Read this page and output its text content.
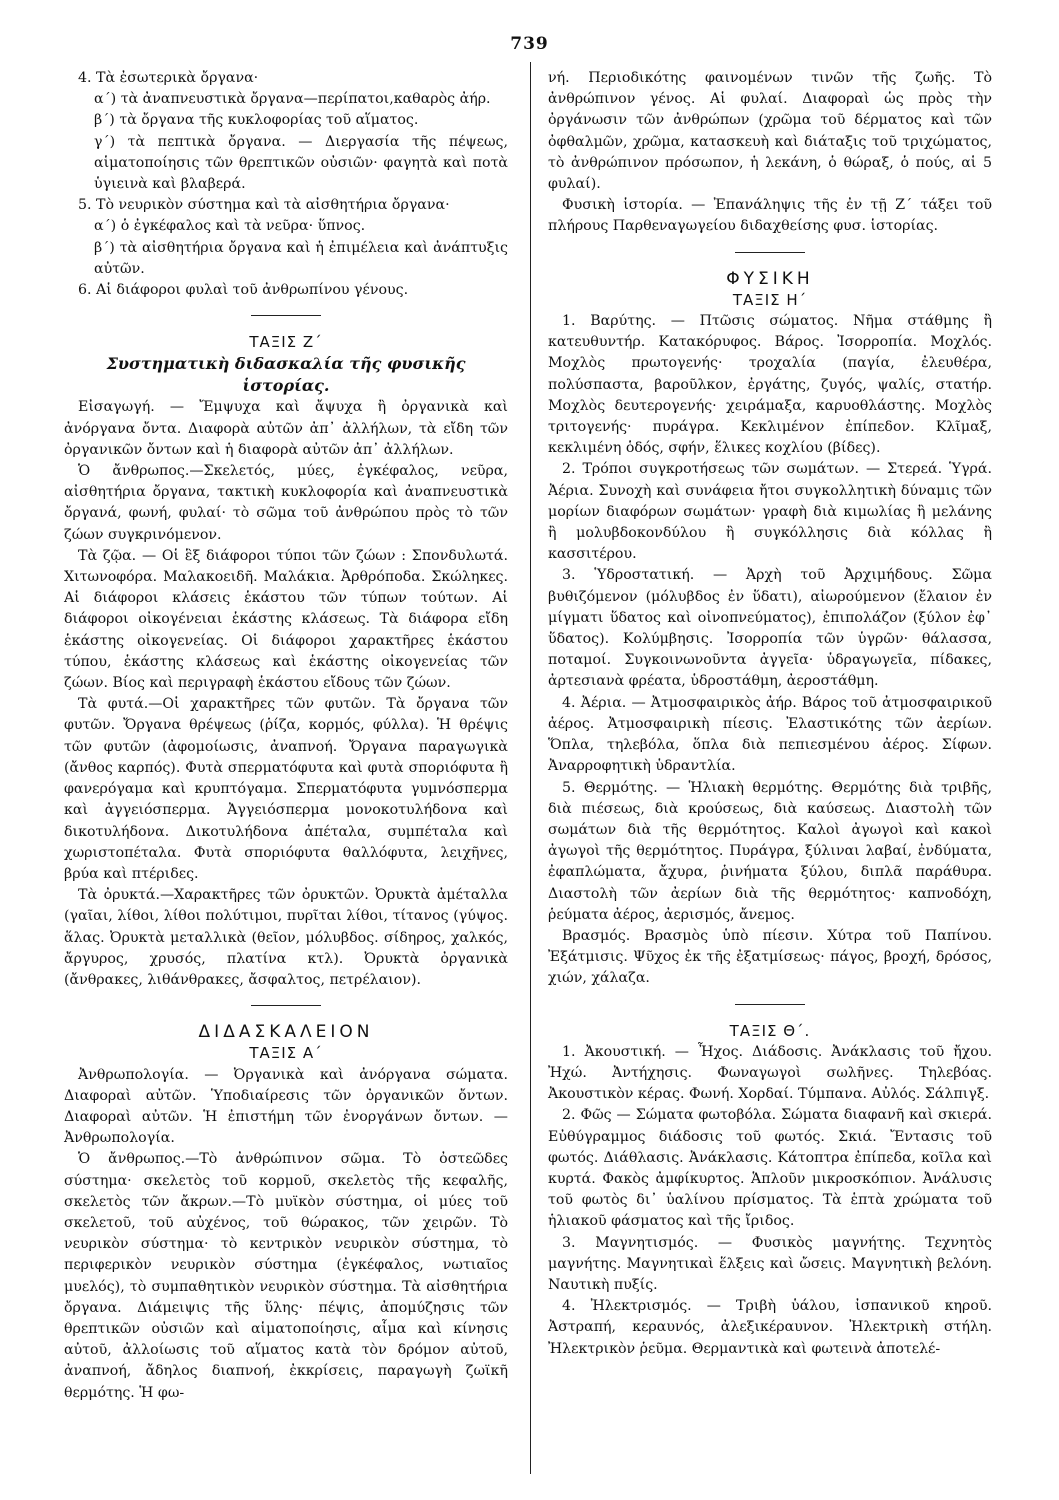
739

4. Τὰ ἐσωτερικὰ ὄργανα·

α΄) τὰ ἀναπνευστικὰ ὄργανα—περίπατοι,καθαρὸς ἀήρ.

β΄) τὰ ὄργανα τῆς κυκλοφορίας τοῦ αἵματος.

γ΄) τὰ πεπτικὰ ὄργανα. — Διεργασία τῆς πέψεως, αἱματοποίησις τῶν θρεπτικῶν οὐσιῶν· φαγητὰ καὶ ποτὰ ὑγιεινὰ καὶ βλαβερά.

5. Τὸ νευρικὸν σύστημα καὶ τὰ αἰσθητήρια ὄργανα·

α΄) ὁ ἐγκέφαλος καὶ τὰ νεῦρα· ὕπνος.

β΄) τὰ αἰσθητήρια ὄργανα καὶ ἡ ἐπιμέλεια καὶ ἀνάπτυξις αὐτῶν.

6. Αἱ διάφοροι φυλαὶ τοῦ ἀνθρωπίνου γένους.

ΤΑΞΙΣ Ζ΄

Συστηματικὴ διδασκαλία τῆς φυσικῆς ἱστορίας.

Εἰσαγωγή. — Ἔμψυχα καὶ ἄψυχα ἢ ὀργανικὰ καὶ ἀνόργανα ὄντα. Διαφορὰ αὐτῶν ἀπ᾽ ἀλλήλων, τὰ εἴδη τῶν ὀργανικῶν ὄντων καὶ ἡ διαφορὰ αὐτῶν ἀπ᾽ ἀλλήλων.

Ὁ ἄνθρωπος.—Σκελετός, μύες, ἐγκέφαλος, νεῦρα, αἰσθητήρια ὄργανα, τακτικὴ κυκλοφορία καὶ ἀναπνευστικὰ ὄργανά, φωνή, φυλαί· τὸ σῶμα τοῦ ἀνθρώπου πρὸς τὸ τῶν ζώων συγκρινόμενον.

Τὰ ζῷα. — Οἱ ἓξ διάφοροι τύποι τῶν ζώων : Σπονδυλωτά. Χιτωνοφόρα. Μαλακοειδῆ. Μαλάκια. Ἀρθρόποδα. Σκώληκες. Αἱ διάφοροι κλάσεις ἑκάστου τῶν τύπων τούτων. Αἱ διάφοροι οἰκογένειαι ἑκάστης κλάσεως. Τὰ διάφορα εἴδη ἑκάστης οἰκογενείας. Οἱ διάφοροι χαρακτῆρες ἑκάστου τύπου, ἑκάστης κλάσεως καὶ ἑκάστης οἰκογενείας τῶν ζώων. Βίος καὶ περιγραφὴ ἑκάστου εἴδους τῶν ζώων.

Τὰ φυτά.—Οἱ χαρακτῆρες τῶν φυτῶν. Τὰ ὄργανα τῶν φυτῶν. Ὄργανα θρέψεως (ῥίζα, κορμός, φύλλα). Ἡ θρέψις τῶν φυτῶν (ἀφομοίωσις, ἀναπνοή. Ὄργανα παραγωγικὰ (ἄνθος καρπός). Φυτὰ σπερματόφυτα καὶ φυτὰ σποριόφυτα ἢ φανερόγαμα καὶ κρυπτόγαμα. Σπερματόφυτα γυμνόσπερμα καὶ ἀγγειόσπερμα. Ἀγγειόσπερμα μονοκοτυλήδονα καὶ δικοτυλήδονα. Δικοτυλήδονα ἀπέταλα, συμπέταλα καὶ χωριστοπέταλα. Φυτὰ σποριόφυτα θαλλόφυτα, λειχῆνες, βρύα καὶ πτέριδες.

Τὰ ὀρυκτά.—Χαρακτῆρες τῶν ὀρυκτῶν. Ὀρυκτὰ ἀμέταλλα (γαῖαι, λίθοι, λίθοι πολύτιμοι, πυρῖται λίθοι, τίτανος (γύψος. ἅλας. Ὀρυκτὰ μεταλλικὰ (θεῖον, μόλυβδος. σίδηρος, χαλκός, ἄργυρος, χρυσός, πλατίνα κτλ). Ὀρυκτὰ ὀργανικὰ (ἄνθρακες, λιθάνθρακες, ἄσφαλτος, πετρέλαιον).

ΔΙΔΑΣΚΑΛΕΙΟΝ

ΤΑΞΙΣ Α΄

Ἀνθρωπολογία. — Ὀργανικὰ καὶ ἀνόργανα σώματα. Διαφοραὶ αὐτῶν. Ὑποδιαίρεσις τῶν ὀργανικῶν ὄντων. Διαφοραὶ αὐτῶν. Ἡ ἐπιστήμη τῶν ἐνοργάνων ὄντων. —Ἀνθρωπολογία.

Ὁ ἄνθρωπος.—Τὸ ἀνθρώπινον σῶμα. Τὸ ὀστεῶδες σύστημα· σκελετὸς τοῦ κορμοῦ, σκελετὸς τῆς κεφαλῆς, σκελετὸς τῶν ἄκρων.—Τὸ μυϊκὸν σύστημα, οἱ μύες τοῦ σκελετοῦ, τοῦ αὐχένος, τοῦ θώρακος, τῶν χειρῶν. Τὸ νευρικὸν σύστημα· τὸ κεντρικὸν νευρικὸν σύστημα, τὸ περιφερικὸν νευρικὸν σύστημα (ἐγκέφαλος, νωτιαῖος μυελός), τὸ συμπαθητικὸν νευρικὸν σύστημα. Τὰ αἰσθητήρια ὄργανα. Διάμειψις τῆς ὕλης· πέψις, ἀπομύζησις τῶν θρεπτικῶν οὐσιῶν καὶ αἱματοποίησις, αἷμα καὶ κίνησις αὐτοῦ, ἀλλοίωσις τοῦ αἵματος κατὰ τὸν δρόμον αὐτοῦ, ἀναπνοή, ἄδηλος διαπνοή, ἐκκρίσεις, παραγωγὴ ζωϊκῆ θερμότης. Ἡ φω-

νή. Περιοδικότης φαινομένων τινῶν τῆς ζωῆς. Τὸ ἀνθρώπινον γένος. Αἱ φυλαί. Διαφοραὶ ὡς πρὸς τὴν ὀργάνωσιν τῶν ἀνθρώπων (χρῶμα τοῦ δέρματος καὶ τῶν ὀφθαλμῶν, χρῶμα, κατασκευὴ καὶ διάταξις τοῦ τριχώματος, τὸ ἀνθρώπινον πρόσωπον, ἡ λεκάνη, ὁ θώραξ, ὁ πούς, αἱ 5 φυλαί).

Φυσικὴ ἱστορία. — Ἐπανάληψις τῆς ἐν τῇ Ζ΄ τάξει τοῦ πλήρους Παρθεναγωγείου διδαχθείσης φυσ. ἱστορίας.

ΦΥΣΙΚΗ

ΤΑΞΙΣ Η΄

1. Βαρύτης. — Πτῶσις σώματος. Νῆμα στάθμης ἢ κατευθυντήρ. Κατακόρυφος. Βάρος. Ἰσορροπία. Μοχλός. Μοχλὸς πρωτογενής· τροχαλία (παγία, ἐλευθέρα, πολύσπαστα, βαροῦλκον, ἐργάτης, ζυγός, ψαλίς, στατήρ. Μοχλὸς δευτερογενής· χειράμαξα, καρυοθλάστης. Μοχλὸς τριτογενής· πυράγρα. Κεκλιμένον ἐπίπεδον. Κλῖμαξ, κεκλιμένη ὁδός, σφήν, ἕλικες κοχλίου (βίδες).

2. Τρόποι συγκροτήσεως τῶν σωμάτων. — Στερεά. Ὑγρά. Ἀέρια. Συνοχὴ καὶ συνάφεια ἤτοι συγκολλητικὴ δύναμις τῶν μορίων διαφόρων σωμάτων· γραφὴ διὰ κιμωλίας ἢ μελάνης ἢ μολυβδοκονδύλου ἢ συγκόλλησις διὰ κόλλας ἢ κασσιτέρου.

3. Ὑδροστατική. — Ἀρχὴ τοῦ Ἀρχιμήδους. Σῶμα βυθιζόμενον (μόλυβδος ἐν ὕδατι), αἰωρούμενον (ἔλαιον ἐν μίγματι ὕδατος καὶ οἰνοπνεύματος), ἐπιπολάζον (ξύλον ἐφ᾽ ὕδατος). Κολύμβησις. Ἰσορροπία τῶν ὑγρῶν· θάλασσα, ποταμοί. Συγκοινωνοῦντα ἀγγεῖα· ὑδραγωγεῖα, πίδακες, ἀρτεσιανὰ φρέατα, ὑδροστάθμη, ἀεροστάθμη.

4. Ἀέρια. — Ἀτμοσφαιρικὸς ἀήρ. Βάρος τοῦ ἀτμοσφαιρικοῦ ἀέρος. Ἀτμοσφαιρικὴ πίεσις. Ἐλαστικότης τῶν ἀερίων. Ὅπλα, τηλεβόλα, ὅπλα διὰ πεπιεσμένου ἀέρος. Σίφων. Ἀναρροφητικὴ ὑδραντλία.

5. Θερμότης. — Ἡλιακὴ θερμότης. Θερμότης διὰ τριβῆς, διὰ πιέσεως, διὰ κρούσεως, διὰ καύσεως. Διαστολὴ τῶν σωμάτων διὰ τῆς θερμότητος. Καλοὶ ἀγωγοὶ καὶ κακοὶ ἀγωγοὶ τῆς θερμότητος. Πυράγρα, ξύλιναι λαβαί, ἐνδύματα, ἐφαπλώματα, ἄχυρα, ῥινήματα ξύλου, διπλᾶ παράθυρα. Διαστολὴ τῶν ἀερίων διὰ τῆς θερμότητος· καπνοδόχη, ῥεύματα ἀέρος, ἀερισμός, ἄνεμος.

Βρασμός. Βρασμὸς ὑπὸ πίεσιν. Χύτρα τοῦ Παπίνου. Ἐξάτμισις. Ψῦχος ἐκ τῆς ἐξατμίσεως· πάγος, βροχή, δρόσος, χιών, χάλαζα.

ΤΑΞΙΣ Θ΄.

1. Ἀκουστική. — Ἦχος. Διάδοσις. Ἀνάκλασις τοῦ ἤχου. Ἠχώ. Ἀντήχησις. Φωναγωγοὶ σωλῆνες. Τηλεβόας. Ἀκουστικὸν κέρας. Φωνή. Χορδαί. Τύμπανα. Αὐλός. Σάλπιγξ.

2. Φῶς — Σώματα φωτοβόλα. Σώματα διαφανῆ καὶ σκιερά. Εὐθύγραμμος διάδοσις τοῦ φωτός. Σκιά. Ἔντασις τοῦ φωτός. Διάθλασις. Ἀνάκλασις. Κάτοπτρα ἐπίπεδα, κοῖλα καὶ κυρτά. Φακὸς ἀμφίκυρτος. Ἁπλοῦν μικροσκόπιον. Ἀνάλυσις τοῦ φωτὸς δι᾽ ὑαλίνου πρίσματος. Τὰ ἑπτὰ χρώματα τοῦ ἡλιακοῦ φάσματος καὶ τῆς ἴριδος.

3. Μαγνητισμός. — Φυσικὸς μαγνήτης. Τεχνητὸς μαγνήτης. Μαγνητικαὶ ἕλξεις καὶ ὤσεις. Μαγνητικὴ βελόνη. Ναυτικὴ πυξίς.

4. Ἠλεκτρισμός. — Τριβὴ ὑάλου, ἰσπανικοῦ κηροῦ. Ἀστραπή, κεραυνός, ἀλεξικέραυνον. Ἠλεκτρικὴ στήλη. Ἠλεκτρικὸν ῥεῦμα. Θερμαντικὰ καὶ φωτεινὰ ἀποτελέ-
